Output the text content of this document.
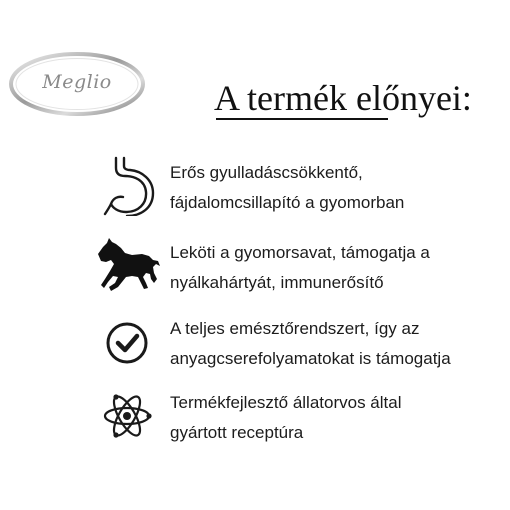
Meglio	A termék előnyei:
Erős gyulladáscsökkentő,
fájdalomcsillapító a gyomorban
Leköti a gyomorsavat, támogatja a
nyálkahártyát, immunerősítő
A teljes emésztőrendszert, így az
anyagcserefolyamatokat is támogatja
Termékfejlesztő állatorvos által
gyártott receptúra
